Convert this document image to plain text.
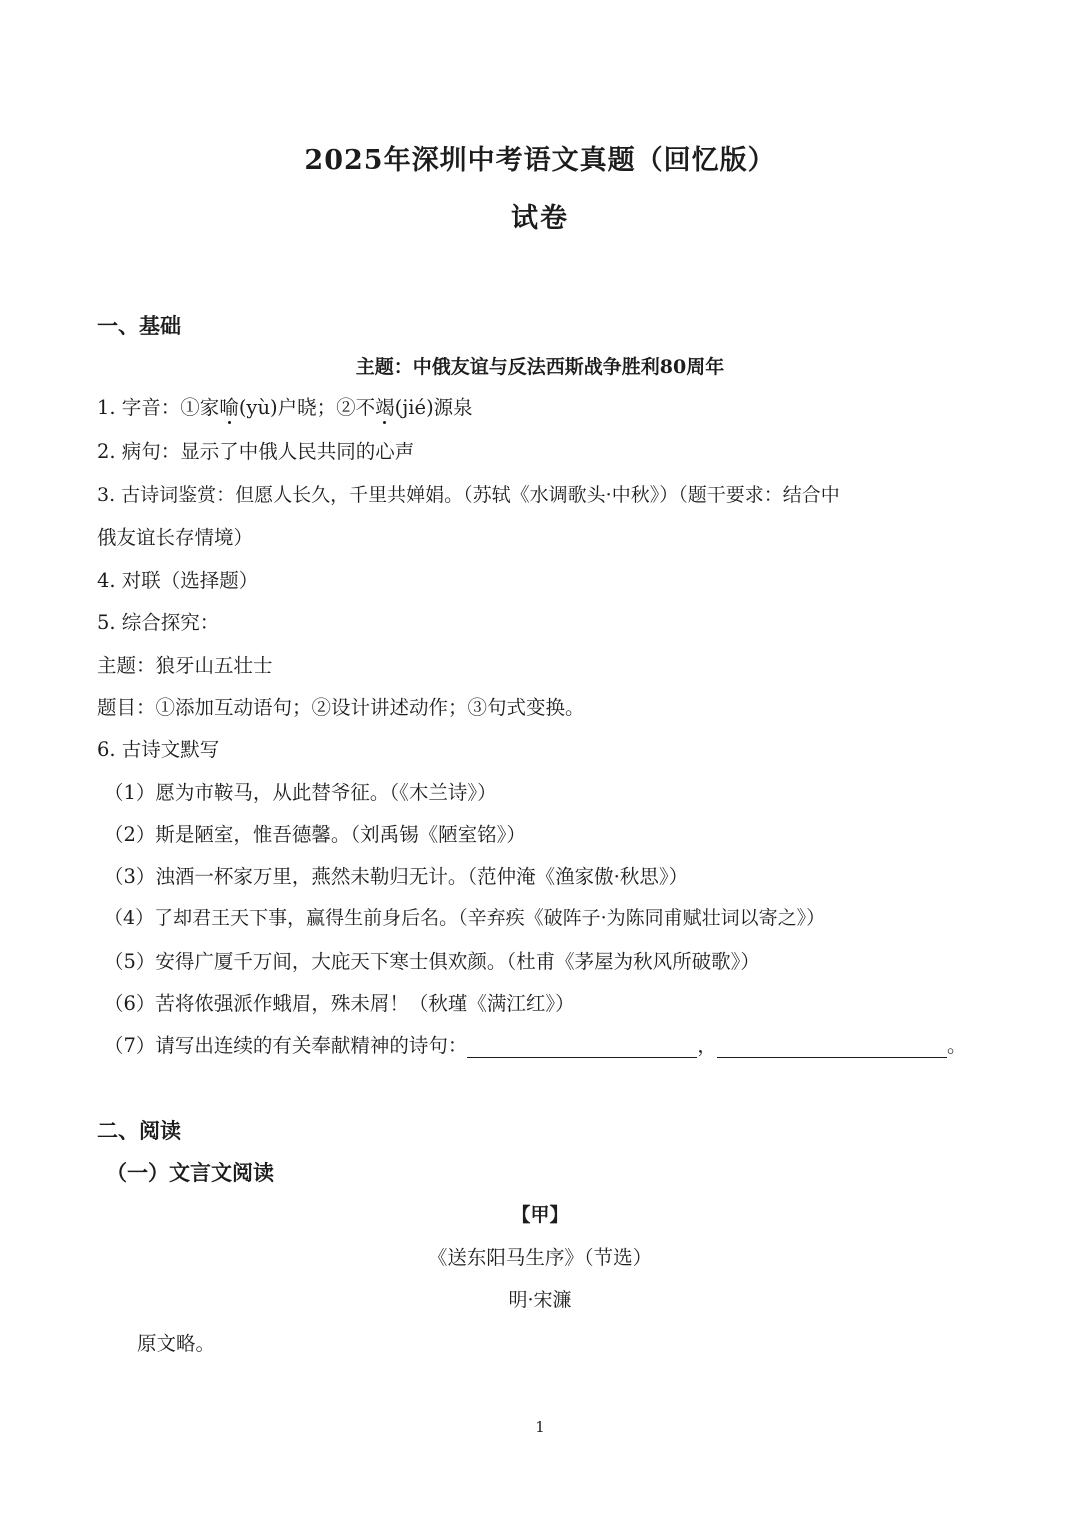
2025年深圳中考语文真题（回忆版）
试卷
一、基础
主题：中俄友谊与反法西斯战争胜利80周年
1. 字音：①家喻(yù)户晓；②不竭(jié)源泉
2. 病句：显示了中俄人民共同的心声
3. 古诗词鉴赏：但愿人长久，千里共婵娟。（苏轼《水调歌头·中秋》）（题干要求：结合中
俄友谊长存情境）
4. 对联（选择题）
5. 综合探究：
主题：狼牙山五壮士
题目：①添加互动语句；②设计讲述动作；③句式变换。
6. 古诗文默写
（1）愿为市鞍马，从此替爷征。（《木兰诗》）
（2）斯是陋室，惟吾德馨。（刘禹锡《陋室铭》）
（3）浊酒一杯家万里，燕然未勒归无计。（范仲淹《渔家傲·秋思》）
（4）了却君王天下事，赢得生前身后名。（辛弃疾《破阵子·为陈同甫赋壮词以寄之》）
（5）安得广厦千万间，大庇天下寒士俱欢颜。（杜甫《茅屋为秋风所破歌》）
（6）苦将侬强派作蛾眉，殊未屑！（秋瑾《满江红》）
（7）请写出连续的有关奉献精神的诗句：	，	。
二、阅读
（一）文言文阅读
【甲】
《送东阳马生序》（节选）
明·宋濂
原文略。
1
